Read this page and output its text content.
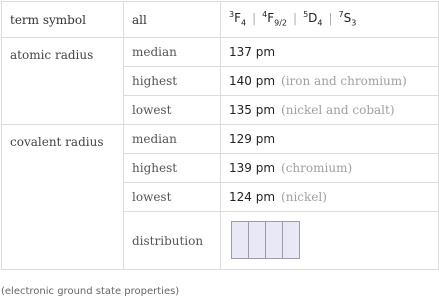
term symbol	all	$^3F_4$ | $^4F_{9/2}$ | $^5D_4$ | $^7S_3$
atomic radius	median	137 pm
	highest	140 pm (iron and chromium)
	lowest	135 pm (nickel and cobalt)
covalent radius	median	129 pm
	highest	139 pm (chromium)
	lowest	124 pm (nickel)
	distribution	
(electronic ground state properties)
